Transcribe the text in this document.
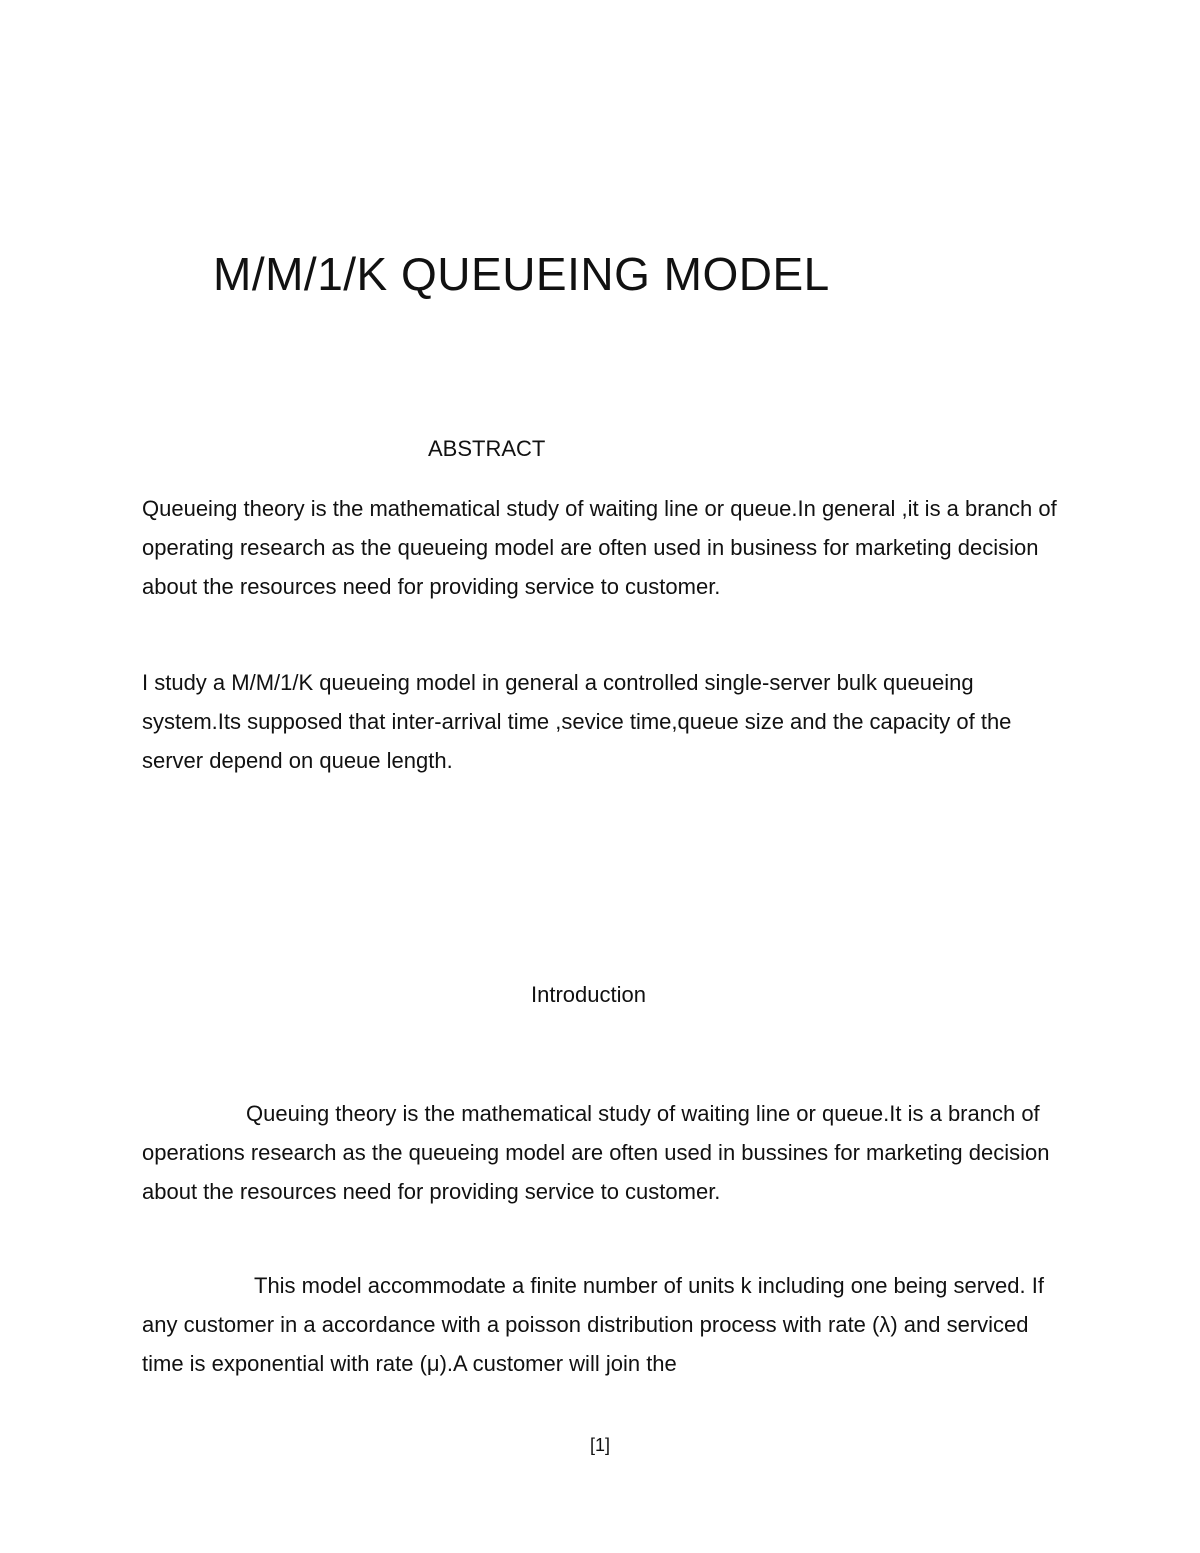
M/M/1/K QUEUEING MODEL
ABSTRACT

Queueing theory is the mathematical study of waiting line or queue.In general ,it is a branch of operating research as the queueing model are often used in business for marketing decision about the resources need for providing service to customer.

I study a M/M/1/K queueing model in general a controlled single-server bulk queueing system.Its supposed that inter-arrival time ,sevice time,queue size and the capacity of the server depend on queue length.

Introduction

Queuing theory is the mathematical study of waiting line or queue.It is a branch of operations research as the queueing model are often used in bussines for marketing decision about the resources need for providing service to customer.

This model accommodate a finite number of units k including one being served. If any customer in a accordance with a poisson distribution process with rate (λ) and serviced time is exponential with rate (μ).A customer will join the

[1]
